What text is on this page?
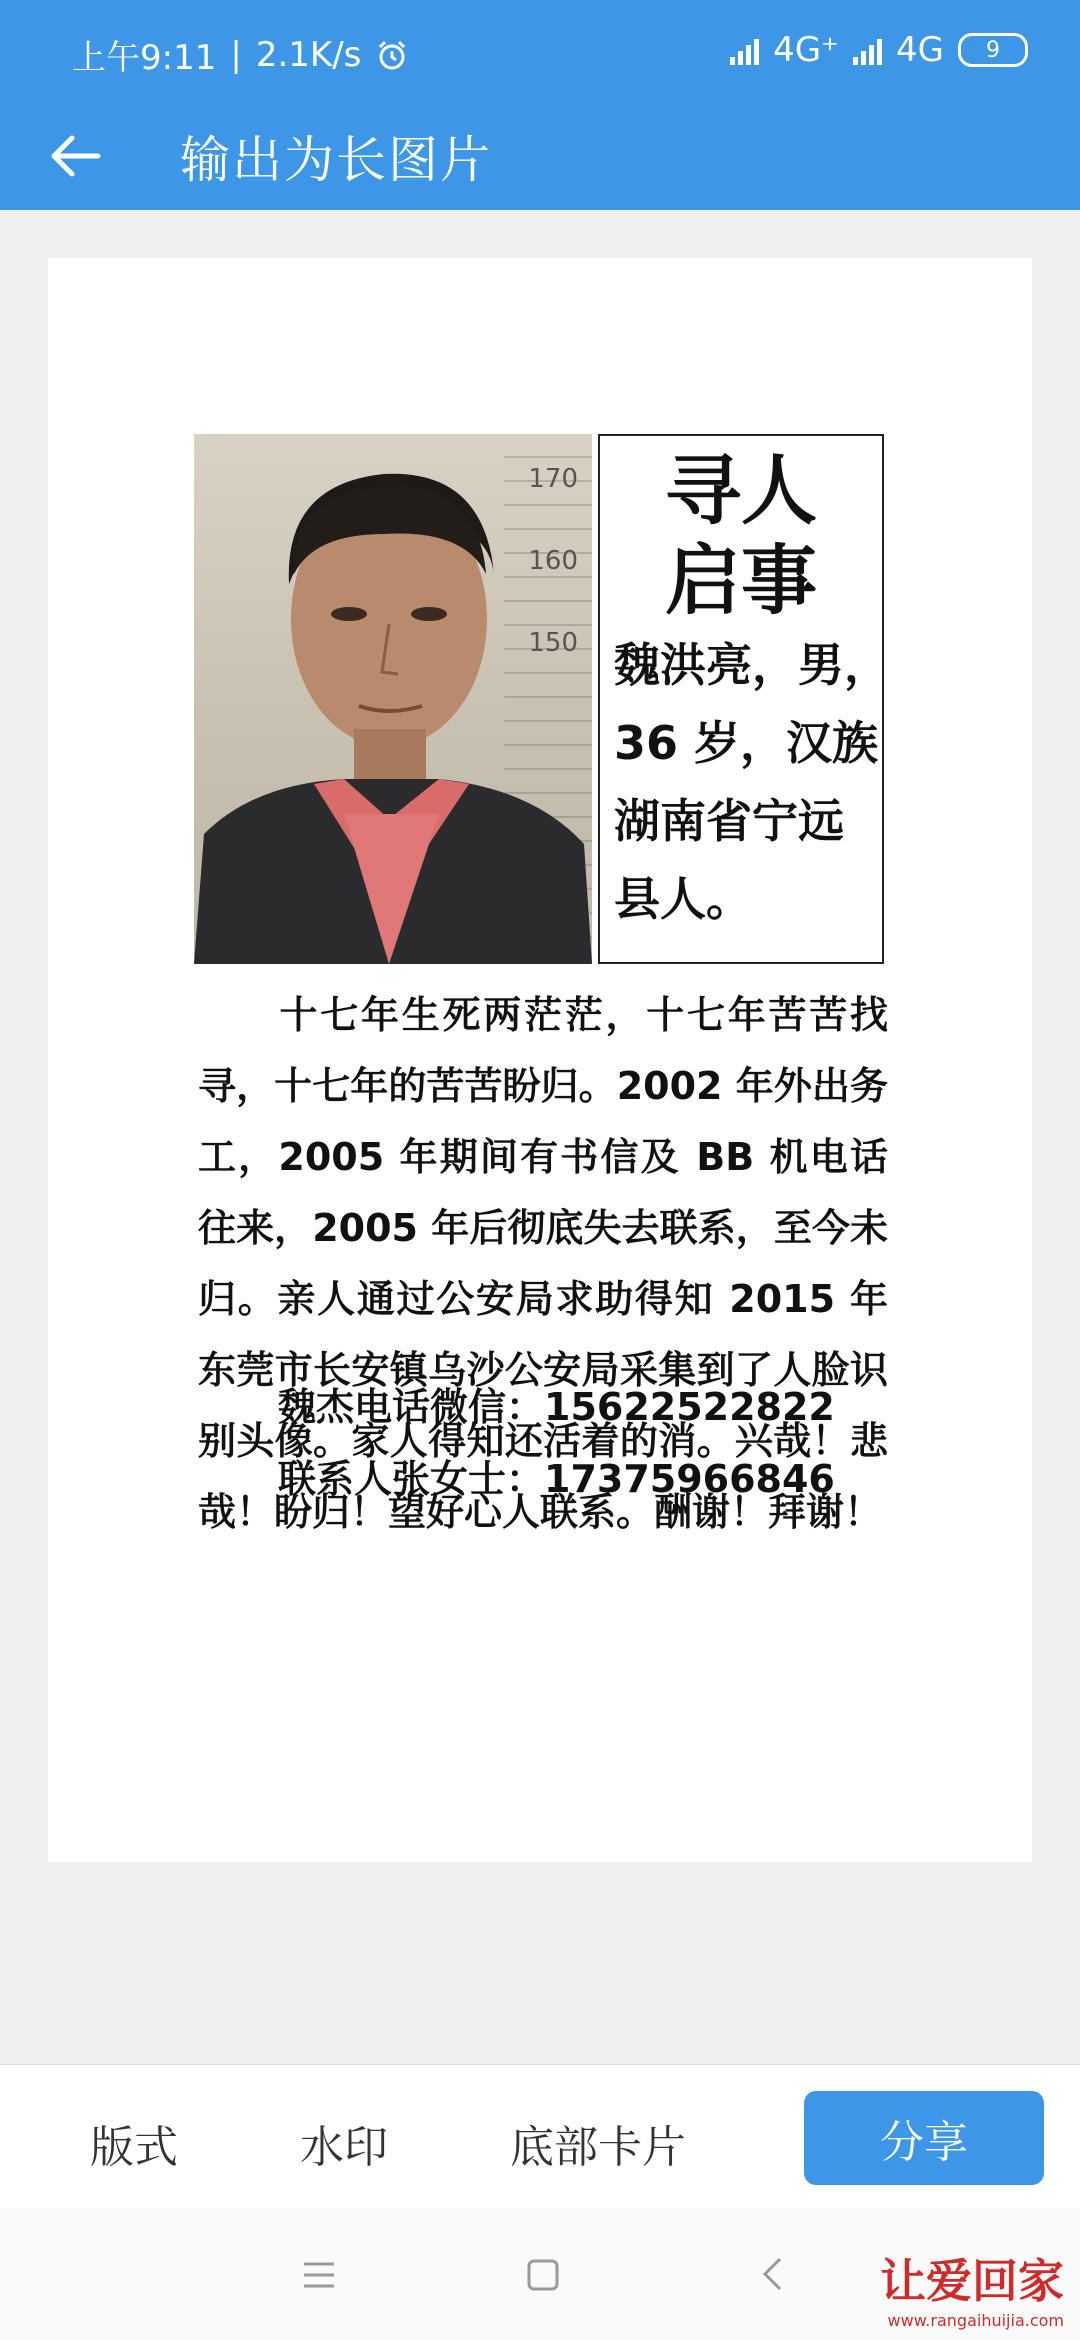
上午9:11 | 2.1K/s	4G⁺ 4G 9
输出为长图片
170
160
150
寻人
启事
魏洪亮，男，
36 岁，汉族
湖南省宁远
县人。
　　十七年生死两茫茫，十七年苦苦找寻，十七年的苦苦盼归。2002 年外出务工，2005 年期间有书信及 BB 机电话往来，2005 年后彻底失去联系，至今未归。亲人通过公安局求助得知 2015 年东莞市长安镇乌沙公安局采集到了人脸识别头像。家人得知还活着的消。兴哉！悲哉！盼归！望好心人联系。酬谢！拜谢！
魏杰电话微信：15622522822
联系人张女士：17375966846
版式	水印	底部卡片	分享
让爱回家
www.rangaihuijia.com
